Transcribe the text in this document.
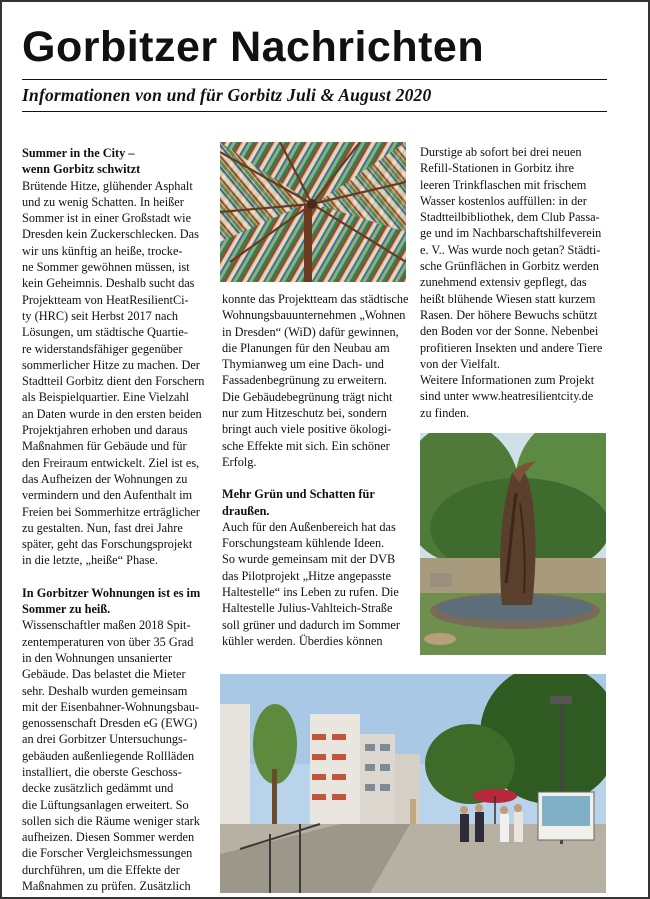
Gorbitzer Nachrichten
Informationen von und für Gorbitz Juli & August 2020

Summer in the City –

wenn Gorbitz schwitzt

Brütende Hitze, glühender Asphalt

und zu wenig Schatten. In heißer

Sommer ist in einer Großstadt wie

Dresden kein Zuckerschlecken. Das

wir uns künftig an heiße, trocke-

ne Sommer gewöhnen müssen, ist

kein Geheimnis. Deshalb sucht das

Projektteam von HeatResilientCi-

ty (HRC) seit Herbst 2017 nach

Lösungen, um städtische Quartie-

re widerstandsfähiger gegenüber

sommerlicher Hitze zu machen. Der

Stadtteil Gorbitz dient den Forschern

als Beispielquartier. Eine Vielzahl

an Daten wurde in den ersten beiden

Projektjahren erhoben und daraus

Maßnahmen für Gebäude und für

den Freiraum entwickelt. Ziel ist es,

das Aufheizen der Wohnungen zu

vermindern und den Aufenthalt im

Freien bei Sommerhitze erträglicher

zu gestalten. Nun, fast drei Jahre

später, geht das Forschungsprojekt

in die letzte, „heiße“ Phase.

In Gorbitzer Wohnungen ist es im

Sommer zu heiß.

Wissenschaftler maßen 2018 Spit-

zentemperaturen von über 35 Grad

in den Wohnungen unsanierter

Gebäude. Das belastet die Mieter

sehr. Deshalb wurden gemeinsam

mit der Eisenbahner-Wohnungsbau-

genossenschaft Dresden eG (EWG)

an drei Gorbitzer Untersuchungs-

gebäuden außenliegende Rollläden

installiert, die oberste Geschoss-

decke zusätzlich gedämmt und

die Lüftungsanlagen erweitert. So

sollen sich die Räume weniger stark

aufheizen. Diesen Sommer werden

die Forscher Vergleichsmessungen

durchführen, um die Effekte der

Maßnahmen zu prüfen. Zusätzlich

konnte das Projektteam das städtische

Wohnungsbauunternehmen „Wohnen

in Dresden“ (WiD) dafür gewinnen,

die Planungen für den Neubau am

Thymianweg um eine Dach- und

Fassadenbegrünung zu erweitern.

Die Gebäudebegrünung trägt nicht

nur zum Hitzeschutz bei, sondern

bringt auch viele positive ökologi-

sche Effekte mit sich. Ein schöner

Erfolg.

Mehr Grün und Schatten für

draußen.

Auch für den Außenbereich hat das

Forschungsteam kühlende Ideen.

So wurde gemeinsam mit der DVB

das Pilotprojekt „Hitze angepasste

Haltestelle“ ins Leben zu rufen. Die

Haltestelle Julius-Vahlteich-Straße

soll grüner und dadurch im Sommer

kühler werden. Überdies können

Durstige ab sofort bei drei neuen

Refill-Stationen in Gorbitz ihre

leeren Trinkflaschen mit frischem

Wasser kostenlos auffüllen: in der

Stadtteilbibliothek, dem Club Passa-

ge und im Nachbarschaftshilfeverein

e. V.. Was wurde noch getan? Städti-

sche Grünflächen in Gorbitz werden

zunehmend extensiv gepflegt, das

heißt blühende Wiesen statt kurzem

Rasen. Der höhere Bewuchs schützt

den Boden vor der Sonne. Nebenbei

profitieren Insekten und andere Tiere

von der Vielfalt.

Weitere Informationen zum Projekt

sind unter www.heatresilientcity.de

zu finden.
